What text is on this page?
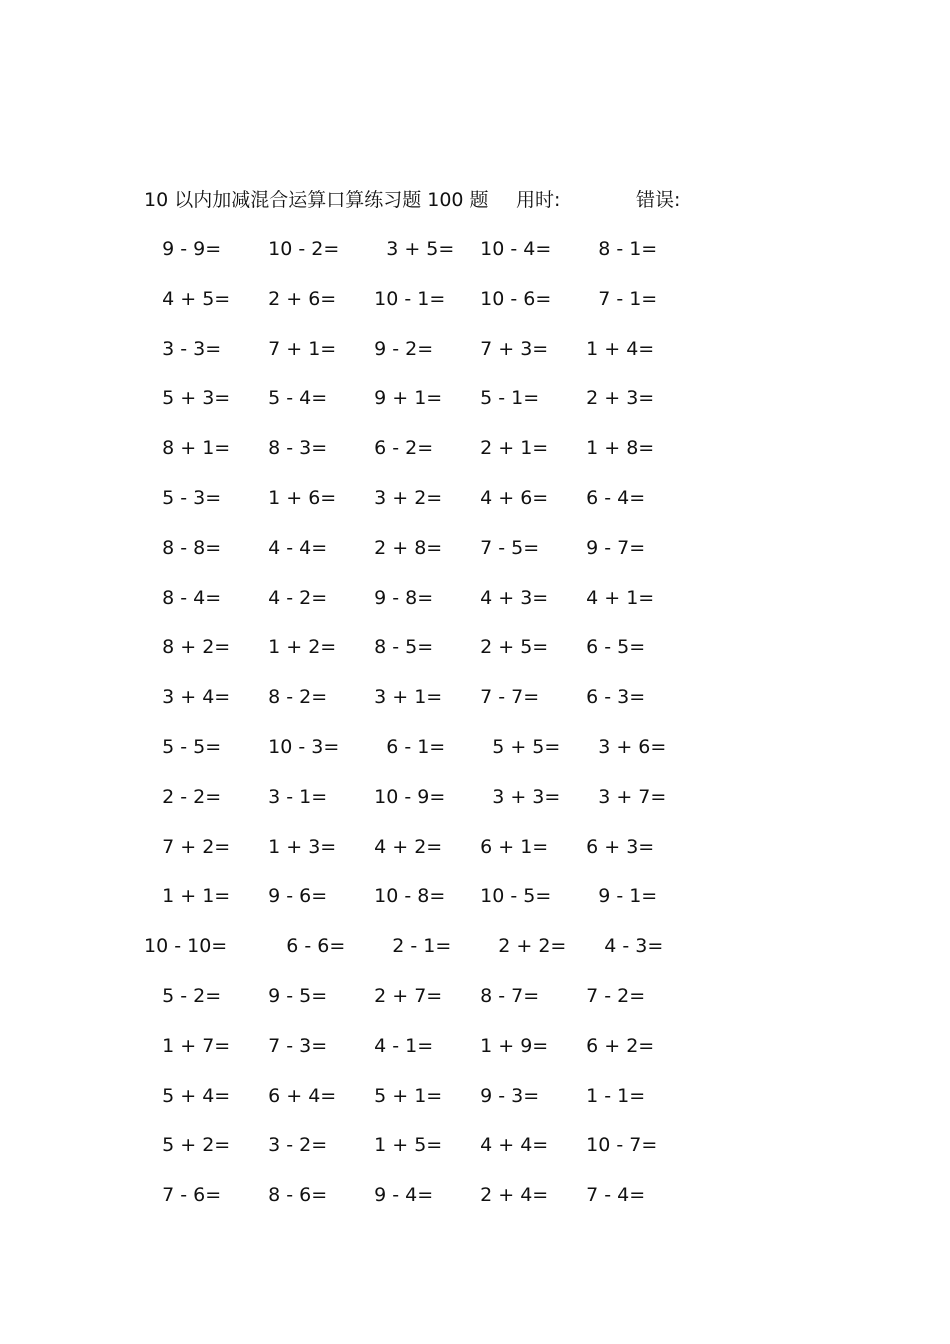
10 以内加减混合运算口算练习题 100 题 用时:	错误:
9 - 9= 10 - 2= 3 + 5= 10 - 4= 8 - 1=
4 + 5= 2 + 6= 10 - 1= 10 - 6= 7 - 1=
3 - 3= 7 + 1= 9 - 2= 7 + 3= 1 + 4=
5 + 3= 5 - 4= 9 + 1= 5 - 1= 2 + 3=
8 + 1= 8 - 3= 6 - 2= 2 + 1= 1 + 8=
5 - 3= 1 + 6= 3 + 2= 4 + 6= 6 - 4=
8 - 8= 4 - 4= 2 + 8= 7 - 5= 9 - 7=
8 - 4= 4 - 2= 9 - 8= 4 + 3= 4 + 1=
8 + 2= 1 + 2= 8 - 5= 2 + 5= 6 - 5=
3 + 4= 8 - 2= 3 + 1= 7 - 7= 6 - 3=
5 - 5= 10 - 3= 6 - 1= 5 + 5= 3 + 6=
2 - 2= 3 - 1= 10 - 9= 3 + 3= 3 + 7=
7 + 2= 1 + 3= 4 + 2= 6 + 1= 6 + 3=
1 + 1= 9 - 6= 10 - 8= 10 - 5= 9 - 1=
10 - 10= 6 - 6= 2 - 1= 2 + 2= 4 - 3=
5 - 2= 9 - 5= 2 + 7= 8 - 7= 7 - 2=
1 + 7= 7 - 3= 4 - 1= 1 + 9= 6 + 2=
5 + 4= 6 + 4= 5 + 1= 9 - 3= 1 - 1=
5 + 2= 3 - 2= 1 + 5= 4 + 4= 10 - 7=
7 - 6= 8 - 6= 9 - 4= 2 + 4= 7 - 4=
